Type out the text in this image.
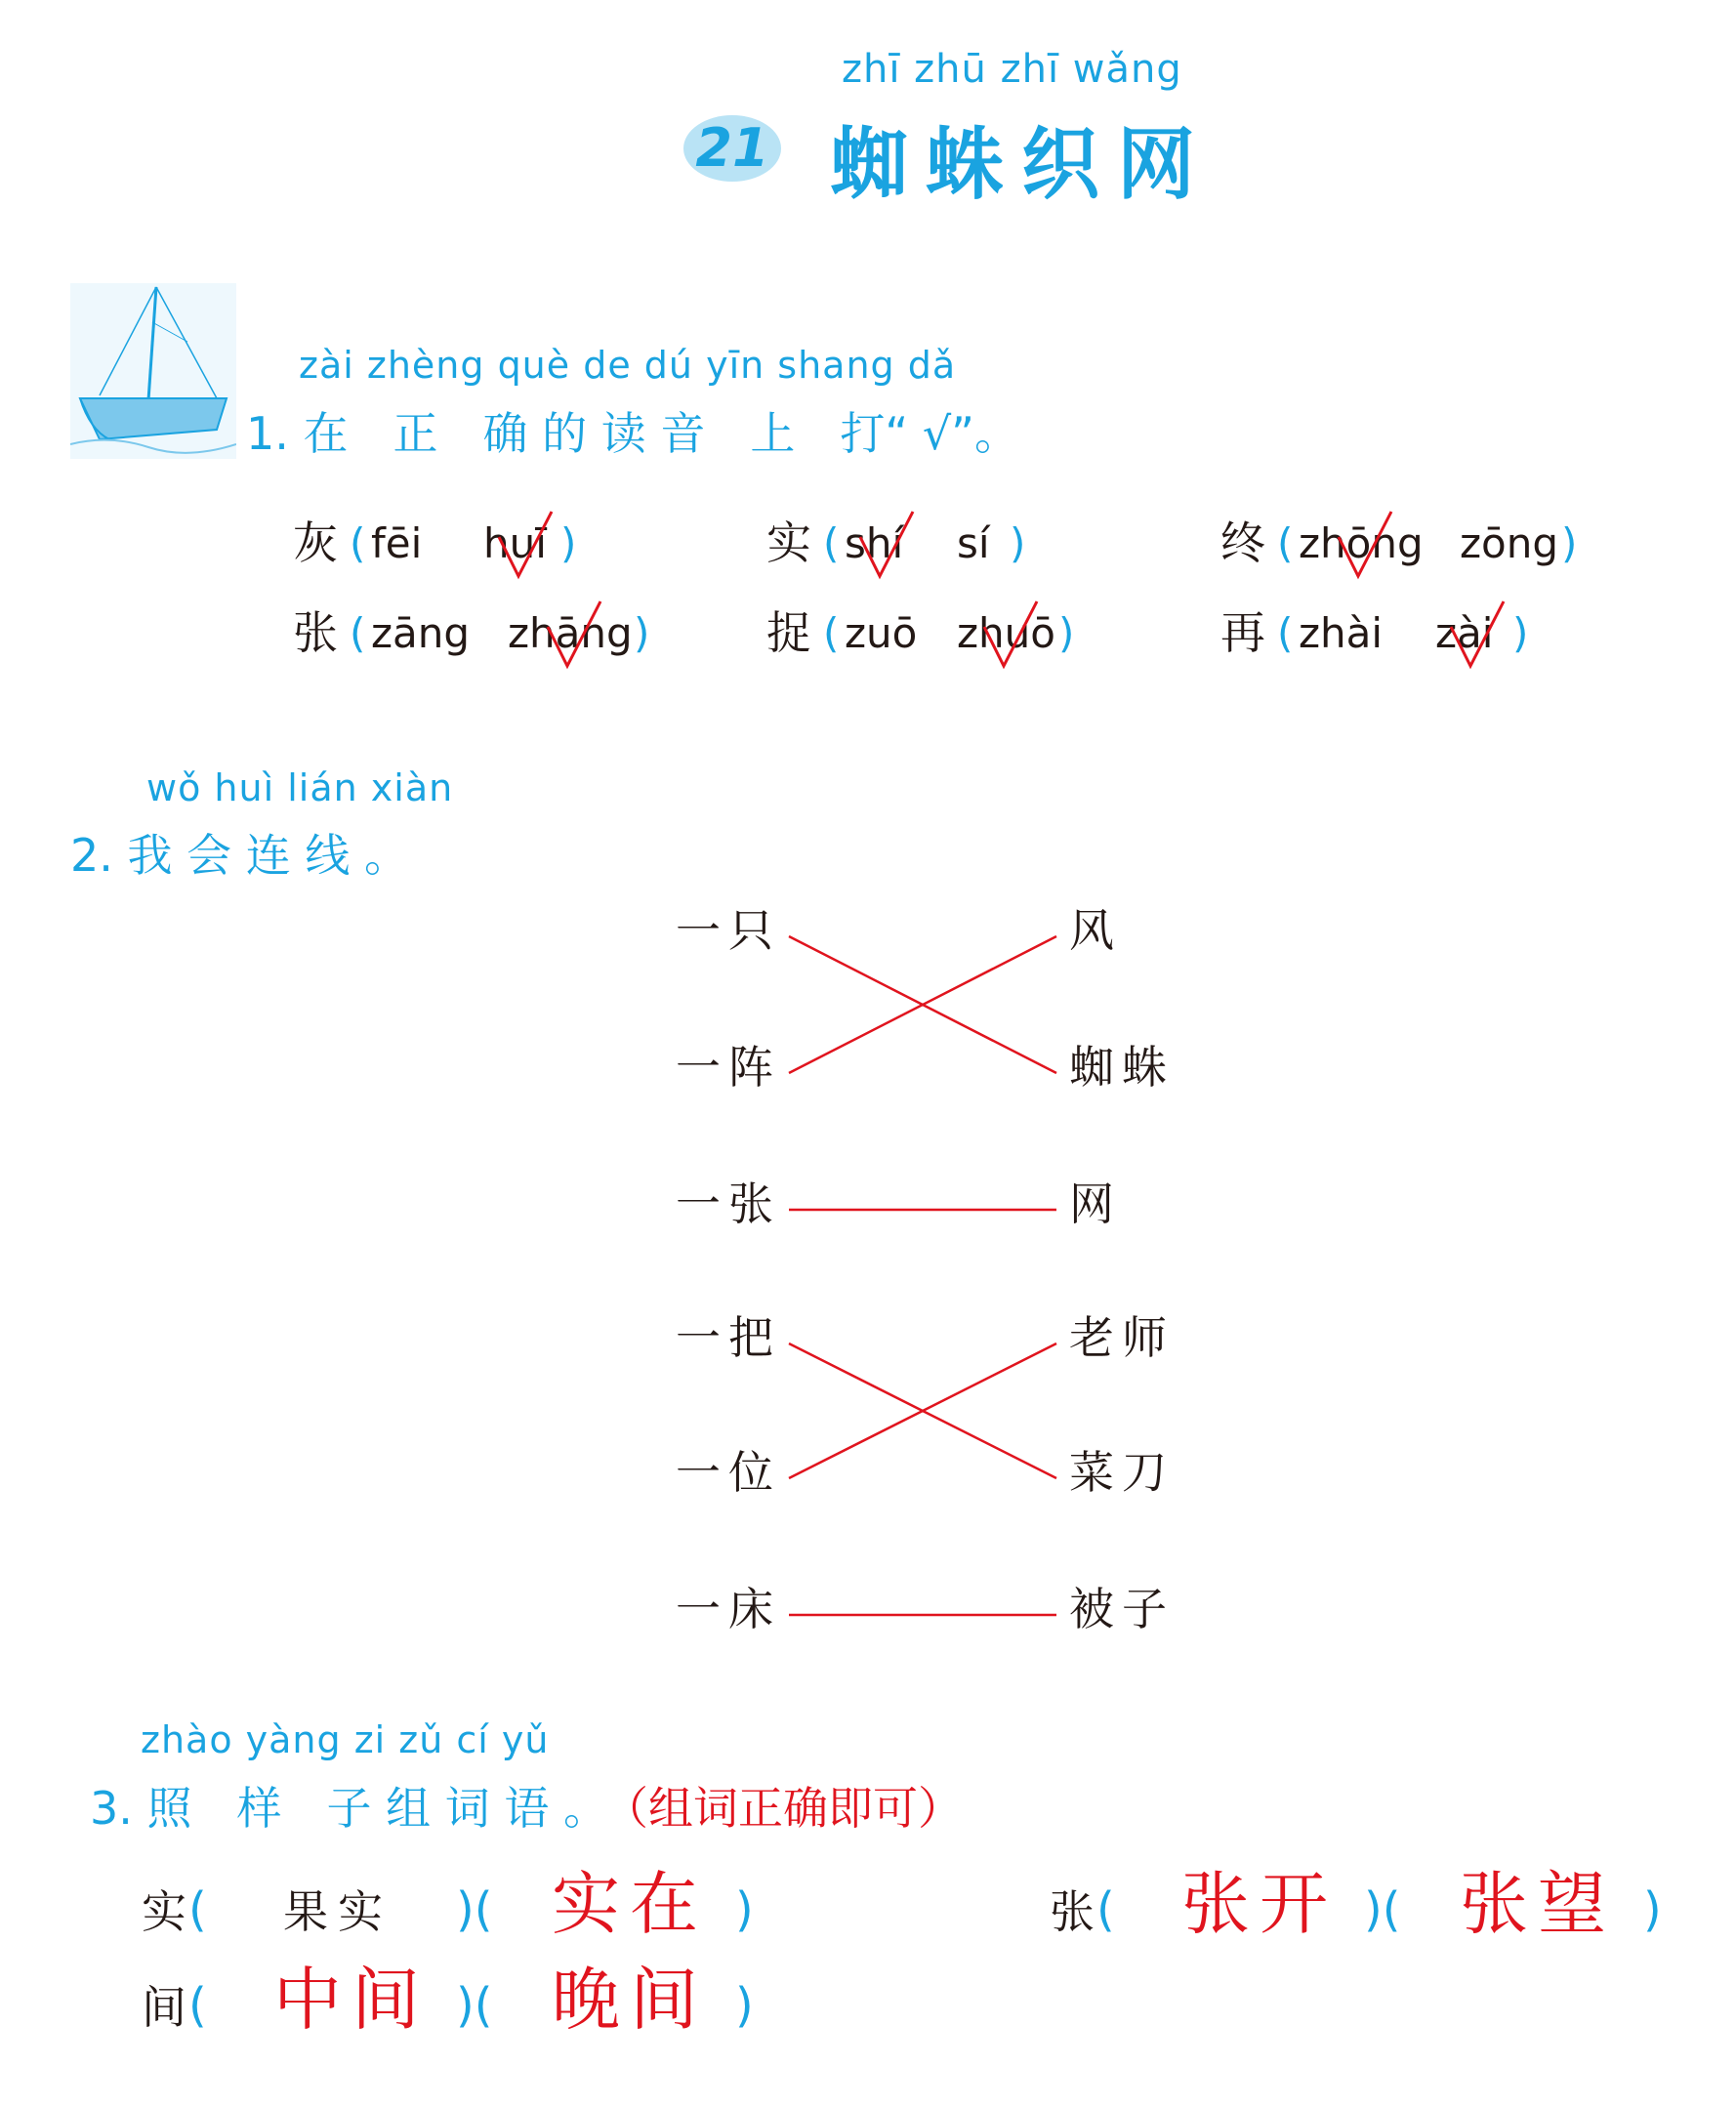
zhī zhū zhī wǎng
21 蜘蛛织网
zài zhèng què de dú yīn shang dǎ
1. 在　正　确 的 读 音　上　打“ √”。
灰 ( fēi huī )	实 ( shí sí )	终 ( zhōng zōng )
张 ( zāng zhāng )	捉 ( zuō zhuō )	再 ( zhài zài )
wǒ huì lián xiàn
2. 我 会 连 线 。
一只
一阵
一张
一把
一位
一床
风
蜘蛛
网
老师
菜刀
被子
zhào yàng zi zǔ cí yǔ
3. 照　样　子 组 词 语 。
（组词正确即可）
实 ( 果实 )( 实在 )	张 ( 张开 )( 张望 )
间 ( 中间 )( 晚间 )
